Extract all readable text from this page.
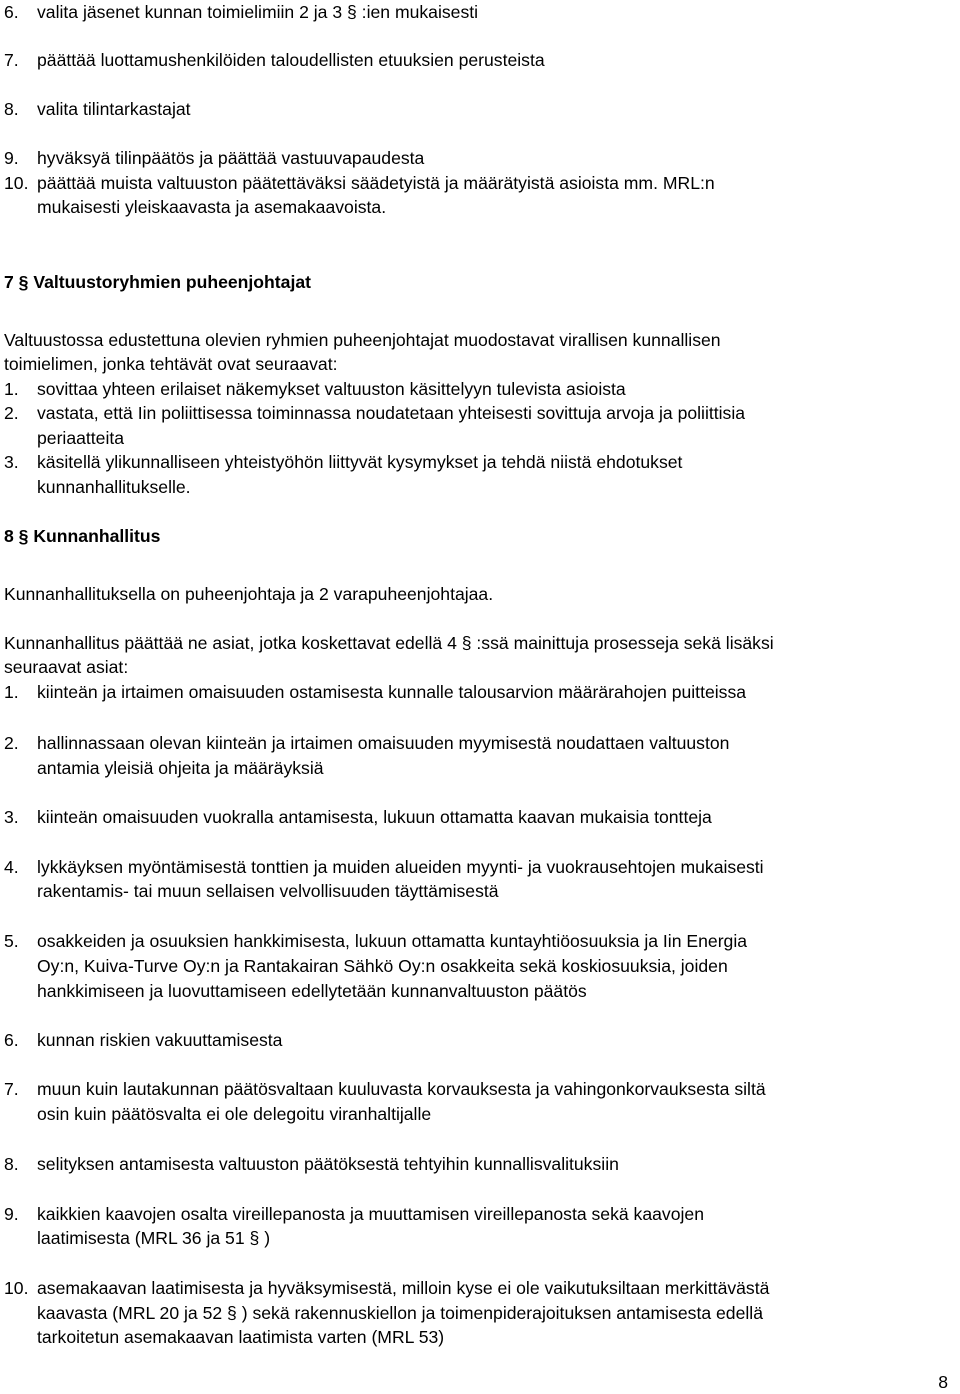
6. valita jäsenet kunnan toimielimiin 2 ja 3 § :ien mukaisesti
7. päättää luottamushenkilöiden taloudellisten etuuksien perusteista
8. valita tilintarkastajat
9. hyväksyä tilinpäätös ja päättää vastuuvapaudesta
10. päättää muista valtuuston päätettäväksi säädetyistä ja määrätyistä asioista mm. MRL:n
mukaisesti yleiskaavasta ja asemakaavoista.
7 § Valtuustoryhmien puheenjohtajat
Valtuustossa edustettuna olevien ryhmien puheenjohtajat muodostavat virallisen kunnallisen
toimielimen, jonka tehtävät ovat seuraavat:
1. sovittaa yhteen erilaiset näkemykset valtuuston käsittelyyn tulevista asioista
2. vastata, että Iin poliittisessa toiminnassa noudatetaan yhteisesti sovittuja arvoja ja poliittisia
periaatteita
3. käsitellä ylikunnalliseen yhteistyöhön liittyvät kysymykset ja tehdä niistä ehdotukset
kunnanhallitukselle.
8 § Kunnanhallitus
Kunnanhallituksella on puheenjohtaja ja 2 varapuheenjohtajaa.
Kunnanhallitus päättää ne asiat, jotka koskettavat edellä 4 § :ssä mainittuja prosesseja sekä lisäksi
seuraavat asiat:
1. kiinteän ja irtaimen omaisuuden ostamisesta kunnalle talousarvion määrärahojen puitteissa
2. hallinnassaan olevan kiinteän ja irtaimen omaisuuden myymisestä noudattaen valtuuston
antamia yleisiä ohjeita ja määräyksiä
3. kiinteän omaisuuden vuokralla antamisesta, lukuun ottamatta kaavan mukaisia tontteja
4. lykkäyksen myöntämisestä tonttien ja muiden alueiden myynti- ja vuokrausehtojen mukaisesti
rakentamis- tai muun sellaisen velvollisuuden täyttämisestä
5. osakkeiden ja osuuksien hankkimisesta, lukuun ottamatta kuntayhtiöosuuksia ja Iin Energia
Oy:n, Kuiva-Turve Oy:n ja Rantakairan Sähkö Oy:n osakkeita sekä koskiosuuksia, joiden
hankkimiseen ja luovuttamiseen edellytetään kunnanvaltuuston päätös
6. kunnan riskien vakuuttamisesta
7. muun kuin lautakunnan päätösvaltaan kuuluvasta korvauksesta ja vahingonkorvauksesta siltä
osin kuin päätösvalta ei ole delegoitu viranhaltijalle
8. selityksen antamisesta valtuuston päätöksestä tehtyihin kunnallisvalituksiin
9. kaikkien kaavojen osalta vireillepanosta ja muuttamisen vireillepanosta sekä kaavojen
laatimisesta (MRL 36 ja 51 § )
10. asemakaavan laatimisesta ja hyväksymisestä, milloin kyse ei ole vaikutuksiltaan merkittävästä
kaavasta (MRL 20 ja 52 § ) sekä rakennuskiellon ja toimenpiderajoituksen antamisesta edellä
tarkoitetun asemakaavan laatimista varten (MRL 53)
8
